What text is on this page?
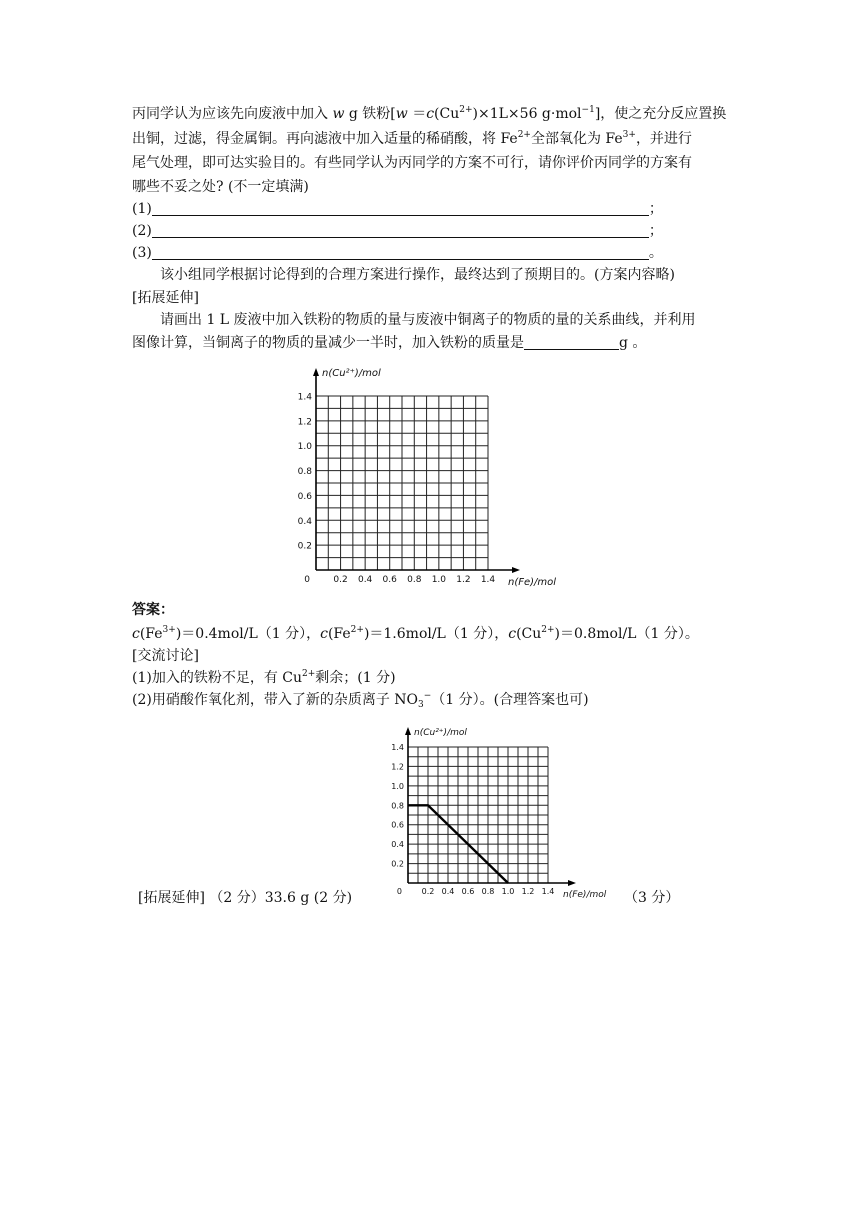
丙同学认为应该先向废液中加入 w g 铁粉[$w =c(Cu^{2+})\times 1L\times 56$ g·mol$^{-1}$]，使之充分反应置换
出铜，过滤，得金属铜。再向滤液中加入适量的稀硝酸，将 $Fe^{2+}$全部氧化为 $Fe^{3+}$，并进行
尾气处理，即可达实验目的。有些同学认为丙同学的方案不可行，请你评价丙同学的方案有
哪些不妥之处? (不一定填满)
(1)	；
(2)	；
(3)	。
该小组同学根据讨论得到的合理方案进行操作，最终达到了预期目的。(方案内容略)
[拓展延伸]
请画出 1 L 废液中加入铁粉的物质的量与废液中铜离子的物质的量的关系曲线，并利用
图像计算，当铜离子的物质的量减少一半时，加入铁粉的质量是	g 。
0	0.2 0.4 0.6 0.8 1.0 1.2 1.4
0.2
0.4
0.6
0.8
1.0
1.2
1.4
n(Cu²⁺)/mol
n(Fe)/mol
答案：
$c(Fe^{3+})=0.4mol/L(1$ 分），$c(Fe^{2+})=1.6mol/L(1$ 分），$c(Cu^{2+})=0.8mol/L(1$ 分）。
[交流讨论]
(1)加入的铁粉不足，有 $Cu^{2+}$剩余；(1 分)
(2)用硝酸作氧化剂，带入了新的杂质离子 $NO_3^-(1$ 分）。(合理答案也可)
0 0.2 0.4 0.6 0.8 1.0 1.2 1.4
0.2
0.4
0.6
0.8
1.0
1.2
1.4
n(Cu²⁺)/mol
n(Fe)/mol
[拓展延伸] （2 分）33.6 g (2 分)	（3 分）
